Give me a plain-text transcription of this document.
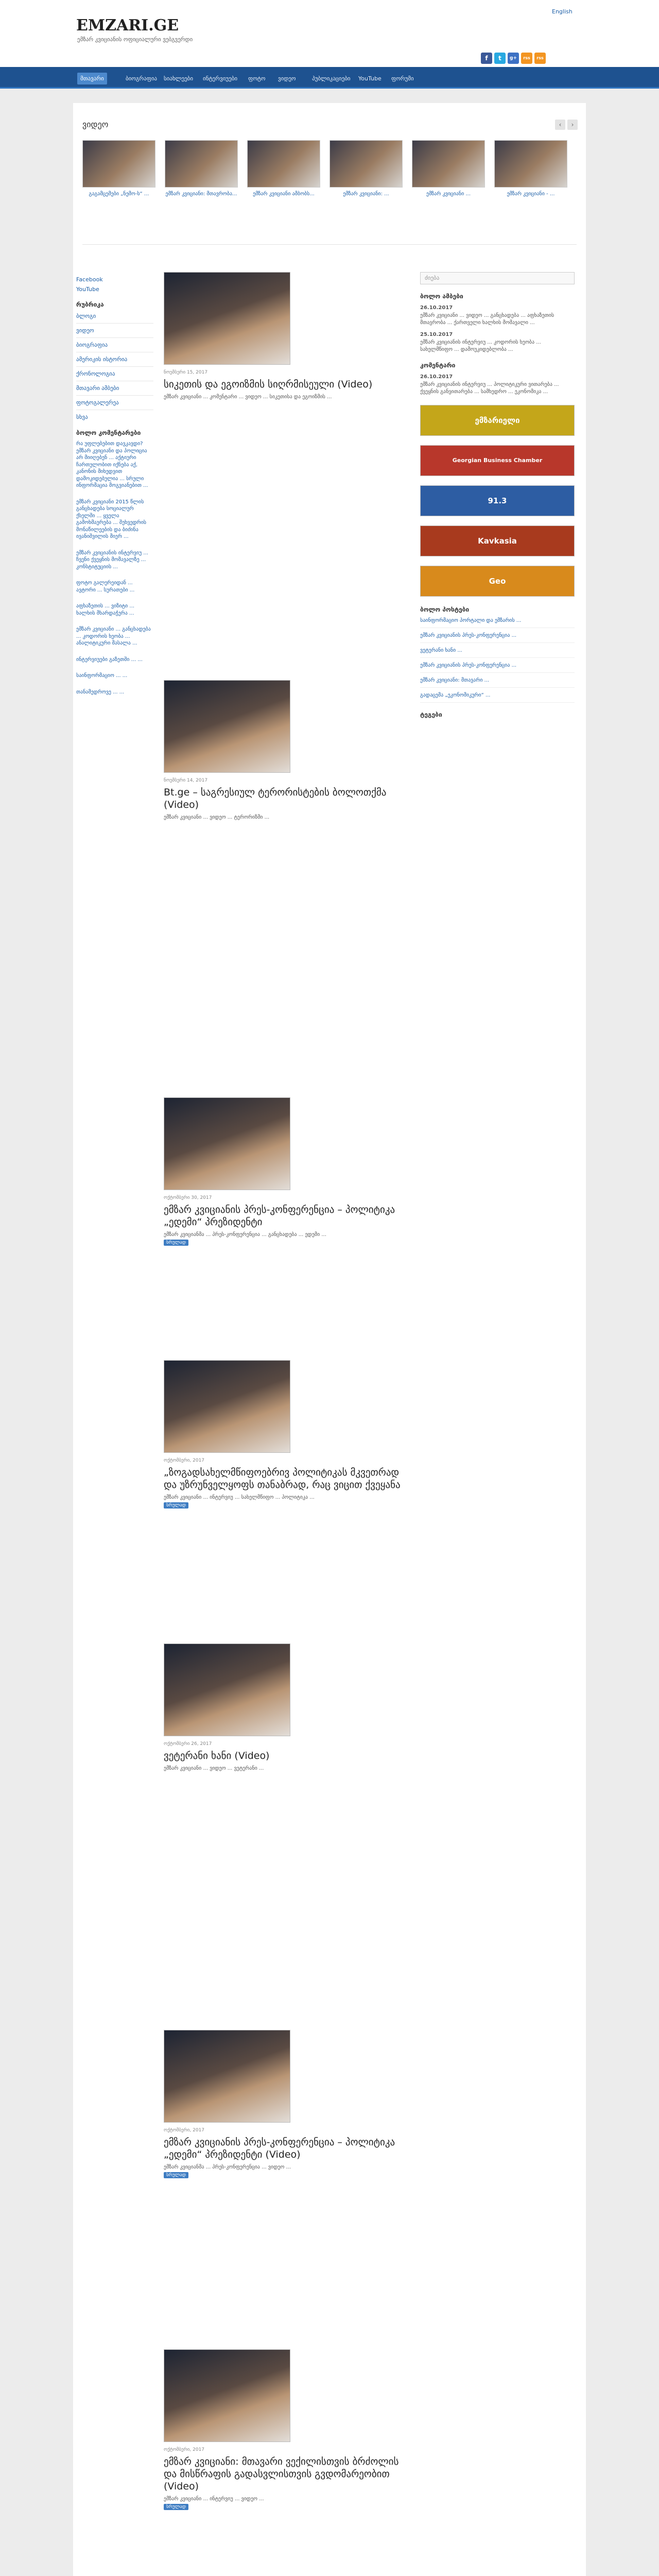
EMZARI.GE
ემზარ კვიციანის ოფიციალური ვებგვერდი
English
f	t	g+	rss	rss
მთავარი	ბიოგრაფია	სიახლეები	ინტერვიუები	ფოტო	ვიდეო	პუბლიკაციები	YouTube	ფორუმი
ვიდეო	‹	›
გაგამცემები „ნემო-ს“ ...	ემზარ კვიციანი: მთავრობა...	ემზარ კვიციანი ამბობს...	ემზარ კვიციანი: ...	ემზარ კვიციანი ...	ემზარ კვიციანი - ...
Facebook
YouTube
რუბრიკა
ბლოგი
ვიდეო
ბიოგრაფია
ამერიკის ისტორია
ქრონოლოგია
მთავარი ამბები
ფოტოგალერეა
სხვა
ბოლო კომენტარები
რა უფლებებით დავკავდი? ემზარ კვიციანი და პოლიცია არ მიიღებენ ... აქტიური ჩართულობით იქნება აქ, კანონის მიხედვით დამოკიდებულია ... სრული ინფორმაცია მოგვიანებით ...
ემზარ კვიციანი 2015 წლის განცხადება სოციალურ ქსელში ... ყველა გამოხმაურება ... შეხვედრის მონაწილეების და ბიძინა ივანიშვილის მიერ ...
ემზარ კვიციანის ინტერვიუ ... ჩვენი ქვეყნის მომავალზე ... კონსტიტუციის ...
ფოტო გალერეიდან ... ავტორი ... სურათები ...
აფხაზეთის ... ვიზიტი ... ხალხის მხარდაჭერა ...
ემზარ კვიციანი ... განცხადება ... კოდორის ხეობა ... ანალიტიკური მასალა ...
ინტერვიუები გაზეთში ... ...
საინფორმაციო ... ...
თანამედროვე ... ...
ნოემბერი 15, 2017
სიკეთის და ეგოიზმის სიღრმისეული (Video)
ემზარ კვიციანი ... კომენტარი ... ვიდეო ... სიკეთისა და ეგოიზმის ...
ნოემბერი 14, 2017
Bt.ge – საგრესიულ ტერორისტების ბოლოთქმა (Video)
ემზარ კვიციანი ... ვიდეო ... ტერორიზმი ...
ოქტომბერი 30, 2017
ემზარ კვიციანის პრეს-კონფერენცია – პოლიტიკა „ედემი“ პრეზიდენტი
ემზარ კვიციანმა ... პრეს-კონფერენცია ... განცხადება ... ედემი ...
სრულად
ოქტომბერი, 2017
„ზოგადსახელმწიფოებრივ პოლიტიკას მკვეთრად და უზრუნველყოფს თანაბრად, რაც ვიცით ქვეყანა
ემზარ კვიციანი ... ინტერვიუ ... სახელმწიფო ... პოლიტიკა ...
სრულად
ოქტომბერი 26, 2017
ვეტერანი ხანი (Video)
ემზარ კვიციანი ... ვიდეო ... ვეტერანი ...
ოქტომბერი, 2017
ემზარ კვიციანის პრეს-კონფერენცია – პოლიტიკა „ედემი“ პრეზიდენტი (Video)
ემზარ კვიციანმა ... პრეს-კონფერენცია ... ვიდეო ...
სრულად
ოქტომბერი, 2017
ემზარ კვიციანი: მთავარი ვექილისთვის ბრძოლის და მისწრაფის გადასვლისთვის გვდომარეობით (Video)
ემზარ კვიციანი ... ინტერვიუ ... ვიდეო ...
სრულად
ძიება
ბოლო ამბები
26.10.2017
ემზარ კვიციანი ... ვიდეო ... განცხადება ... აფხაზეთის მთავრობა ... ქართველი ხალხის მომავალი ...
25.10.2017
ემზარ კვიციანის ინტერვიუ ... კოდორის ხეობა ... სახელმწიფო ... დამოუკიდებლობა ...
კომენტარი
26.10.2017
ემზარ კვიციანის ინტერვიუ ... პოლიტიკური ვითარება ... ქვეყნის განვითარება ... სამხედრო ... ეკონომიკა ...
ემზარიელი
Georgian Business Chamber
91.3
Kavkasia
Geo
ბოლო პოსტები
საინფორმაციო პორტალი და ემზარის ...
ემზარ კვიციანის პრეს-კონფერენცია ...
ვეტერანი ხანი ...
ემზარ კვიციანის პრეს-კონფერენცია ...
ემზარ კვიციანი: მთავარი ...
გადაცემა „ეკონომიკური“ ...
ტეგები
